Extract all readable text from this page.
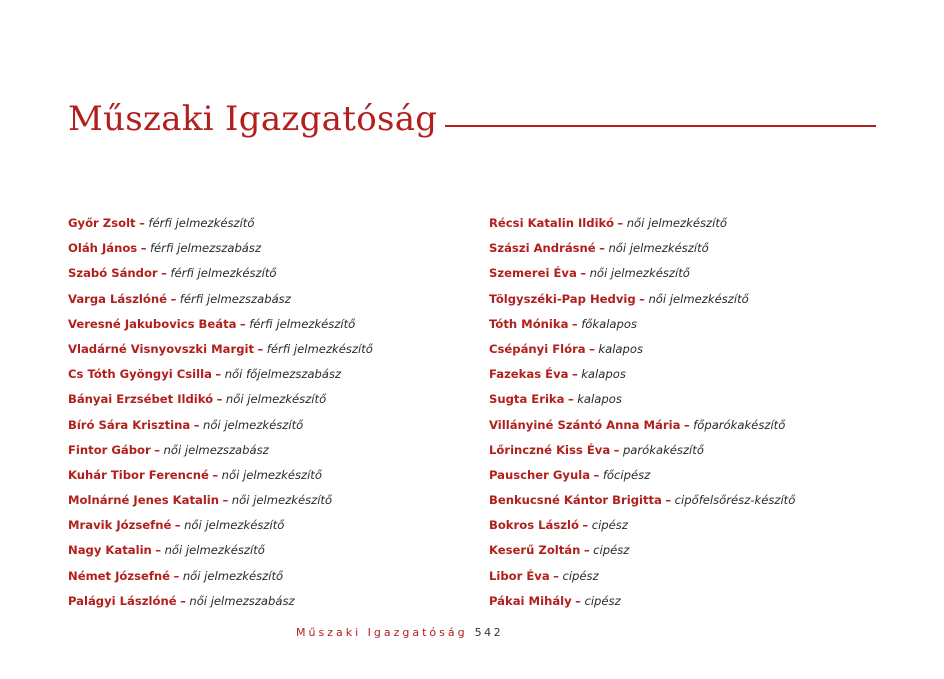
Műszaki Igazgatóság
Győr Zsolt – férfi jelmezkészítő
Oláh János – férfi jelmezszabász
Szabó Sándor – férfi jelmezkészítő
Varga Lászlóné – férfi jelmezszabász
Veresné Jakubovics Beáta – férfi jelmezkészítő
Vladárné Visnyovszki Margit – férfi jelmezkészítő
Cs Tóth Gyöngyi Csilla – női főjelmezszabász
Bányai Erzsébet Ildikó – női jelmezkészítő
Bíró Sára Krisztina – női jelmezkészítő
Fintor Gábor – női jelmezszabász
Kuhár Tibor Ferencné – női jelmezkészítő
Molnárné Jenes Katalin – női jelmezkészítő
Mravik Józsefné – női jelmezkészítő
Nagy Katalin – női jelmezkészítő
Német Józsefné – női jelmezkészítő
Palágyi Lászlóné – női jelmezszabász
Récsi Katalin Ildikó – női jelmezkészítő
Szászi Andrásné – női jelmezkészítő
Szemerei Éva – női jelmezkészítő
Tölgyszéki-Pap Hedvig – női jelmezkészítő
Tóth Mónika – főkalapos
Csépányi Flóra – kalapos
Fazekas Éva – kalapos
Sugta Erika – kalapos
Villányiné Szántó Anna Mária – főparókakészítő
Lőrinczné Kiss Éva – parókakészítő
Pauscher Gyula – főcipész
Benkucsné Kántor Brigitta – cipőfelsőrész-készítő
Bokros László – cipész
Keserű Zoltán – cipész
Libor Éva – cipész
Pákai Mihály – cipész
Műszaki Igazgatóság 542
